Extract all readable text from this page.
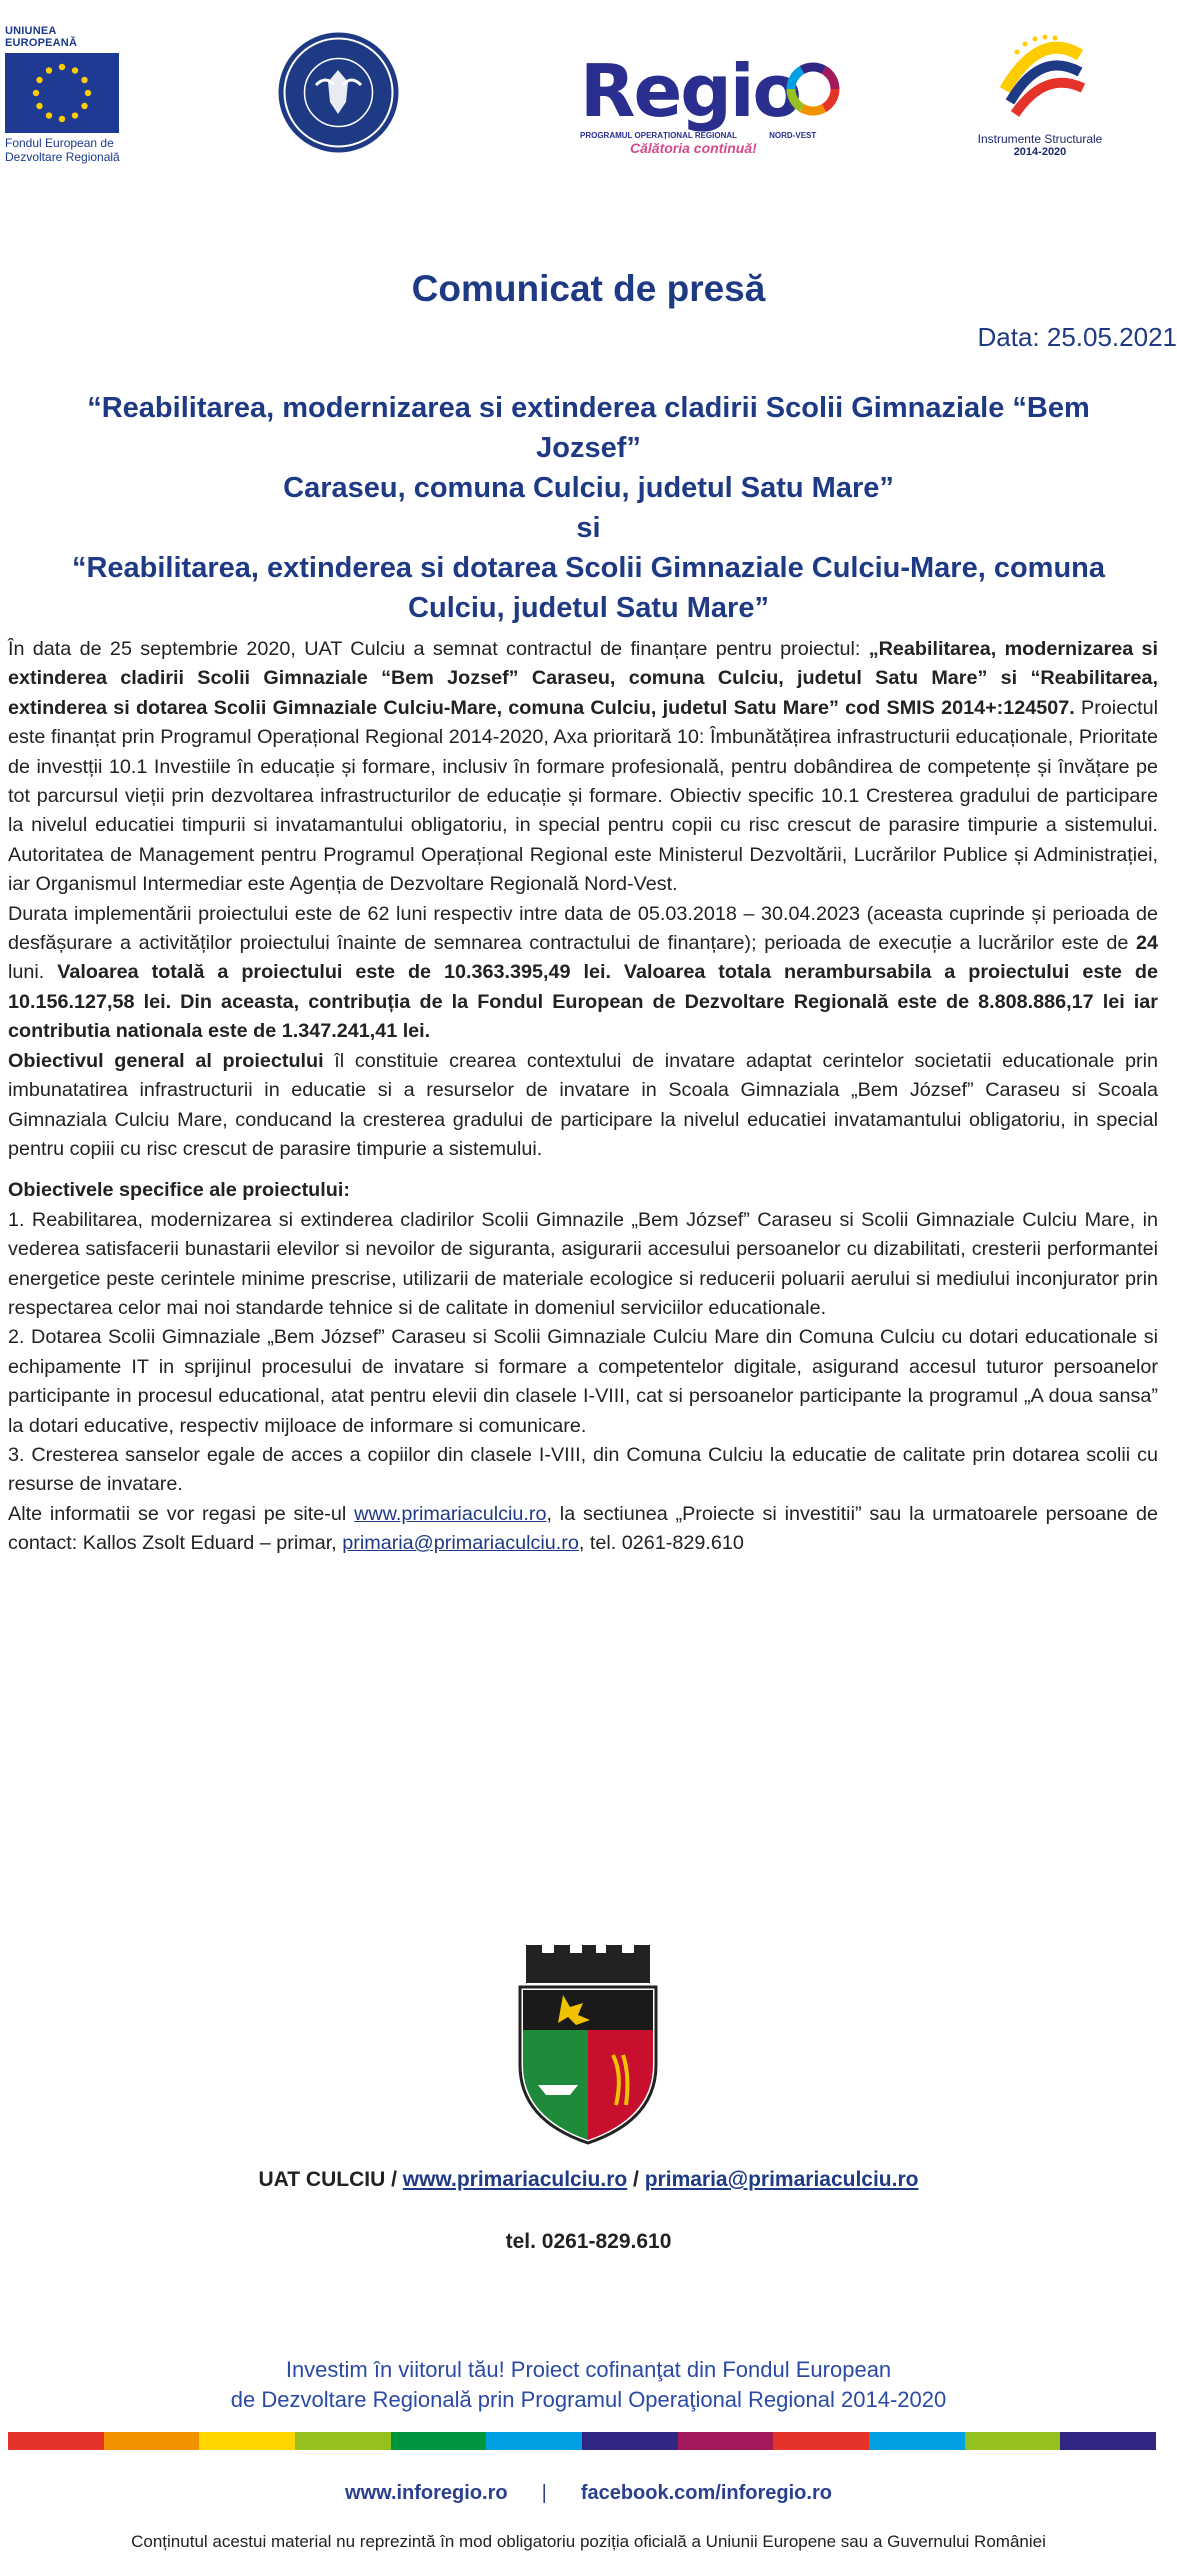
UNIUNEA EUROPEANĂ
Fondul European de
Dezvoltare Regională
Regio
PROGRAMUL OPERAȚIONAL REGIONAL	NORD-VEST
Călătoria continuă!
Instrumente Structurale
2014-2020
Comunicat de presă
Data: 25.05.2021
“Reabilitarea, modernizarea si extinderea cladirii Scolii Gimnaziale “Bem Jozsef”
Caraseu, comuna Culciu, judetul Satu Mare”
si
“Reabilitarea, extinderea si dotarea Scolii Gimnaziale Culciu-Mare, comuna
Culciu, judetul Satu Mare”

În data de 25 septembrie 2020, UAT Culciu a semnat contractul de finanțare pentru proiectul: „Reabilitarea, modernizarea si extinderea cladirii Scolii Gimnaziale “Bem Jozsef” Caraseu, comuna Culciu, judetul Satu Mare” si “Reabilitarea, extinderea si dotarea Scolii Gimnaziale Culciu-Mare, comuna Culciu, judetul Satu Mare” cod SMIS 2014+:124507. Proiectul este finanțat prin Programul Operațional Regional 2014-2020, Axa prioritară 10: Îmbunătățirea infrastructurii educaționale, Prioritate de investții 10.1 Investiile în educație și formare, inclusiv în formare profesională, pentru dobândirea de competențe și învățare pe tot parcursul vieții prin dezvoltarea infrastructurilor de educație și formare. Obiectiv specific 10.1 Cresterea gradului de participare la nivelul educatiei timpurii si invatamantului obligatoriu, in special pentru copii cu risc crescut de parasire timpurie a sistemului. Autoritatea de Management pentru Programul Operațional Regional este Ministerul Dezvoltării, Lucrărilor Publice și Administrației, iar Organismul Intermediar este Agenția de Dezvoltare Regională Nord-Vest.

Durata implementării proiectului este de 62 luni respectiv intre data de 05.03.2018 – 30.04.2023 (aceasta cuprinde și perioada de desfășurare a activităților proiectului înainte de semnarea contractului de finanțare); perioada de execuție a lucrărilor este de 24 luni. Valoarea totală a proiectului este de 10.363.395,49 lei. Valoarea totala nerambursabila a proiectului este de 10.156.127,58 lei. Din aceasta, contribuția de la Fondul European de Dezvoltare Regională este de 8.808.886,17 lei iar contributia nationala este de 1.347.241,41 lei.

Obiectivul general al proiectului îl constituie crearea contextului de invatare adaptat cerintelor societatii educationale prin imbunatatirea infrastructurii in educatie si a resurselor de invatare in Scoala Gimnaziala „Bem József” Caraseu si Scoala Gimnaziala Culciu Mare, conducand la cresterea gradului de participare la nivelul educatiei invatamantului obligatoriu, in special pentru copiii cu risc crescut de parasire timpurie a sistemului.

Obiectivele specifice ale proiectului:

1. Reabilitarea, modernizarea si extinderea cladirilor Scolii Gimnazile „Bem József” Caraseu si Scolii Gimnaziale Culciu Mare, in vederea satisfacerii bunastarii elevilor si nevoilor de siguranta, asigurarii accesului persoanelor cu dizabilitati, cresterii performantei energetice peste cerintele minime prescrise, utilizarii de materiale ecologice si reducerii poluarii aerului si mediului inconjurator prin respectarea celor mai noi standarde tehnice si de calitate in domeniul serviciilor educationale.

2. Dotarea Scolii Gimnaziale „Bem József” Caraseu si Scolii Gimnaziale Culciu Mare din Comuna Culciu cu dotari educationale si echipamente IT in sprijinul procesului de invatare si formare a competentelor digitale, asigurand accesul tuturor persoanelor participante in procesul educational, atat pentru elevii din clasele I-VIII, cat si persoanelor participante la programul „A doua sansa” la dotari educative, respectiv mijloace de informare si comunicare.

3. Cresterea sanselor egale de acces a copiilor din clasele I-VIII, din Comuna Culciu la educatie de calitate prin dotarea scolii cu resurse de invatare.

Alte informatii se vor regasi pe site-ul www.primariaculciu.ro, la sectiunea „Proiecte si investitii” sau la urmatoarele persoane de contact: Kallos Zsolt Eduard – primar, primaria@primariaculciu.ro, tel. 0261-829.610

UAT CULCIU / www.primariaculciu.ro / primaria@primariaculciu.ro
tel. 0261-829.610
Investim în viitorul tău! Proiect cofinanţat din Fondul European
de Dezvoltare Regională prin Programul Operaţional Regional 2014-2020
www.inforegio.ro | facebook.com/inforegio.ro
Conținutul acestui material nu reprezintă în mod obligatoriu poziția oficială a Uniunii Europene sau a Guvernului României
